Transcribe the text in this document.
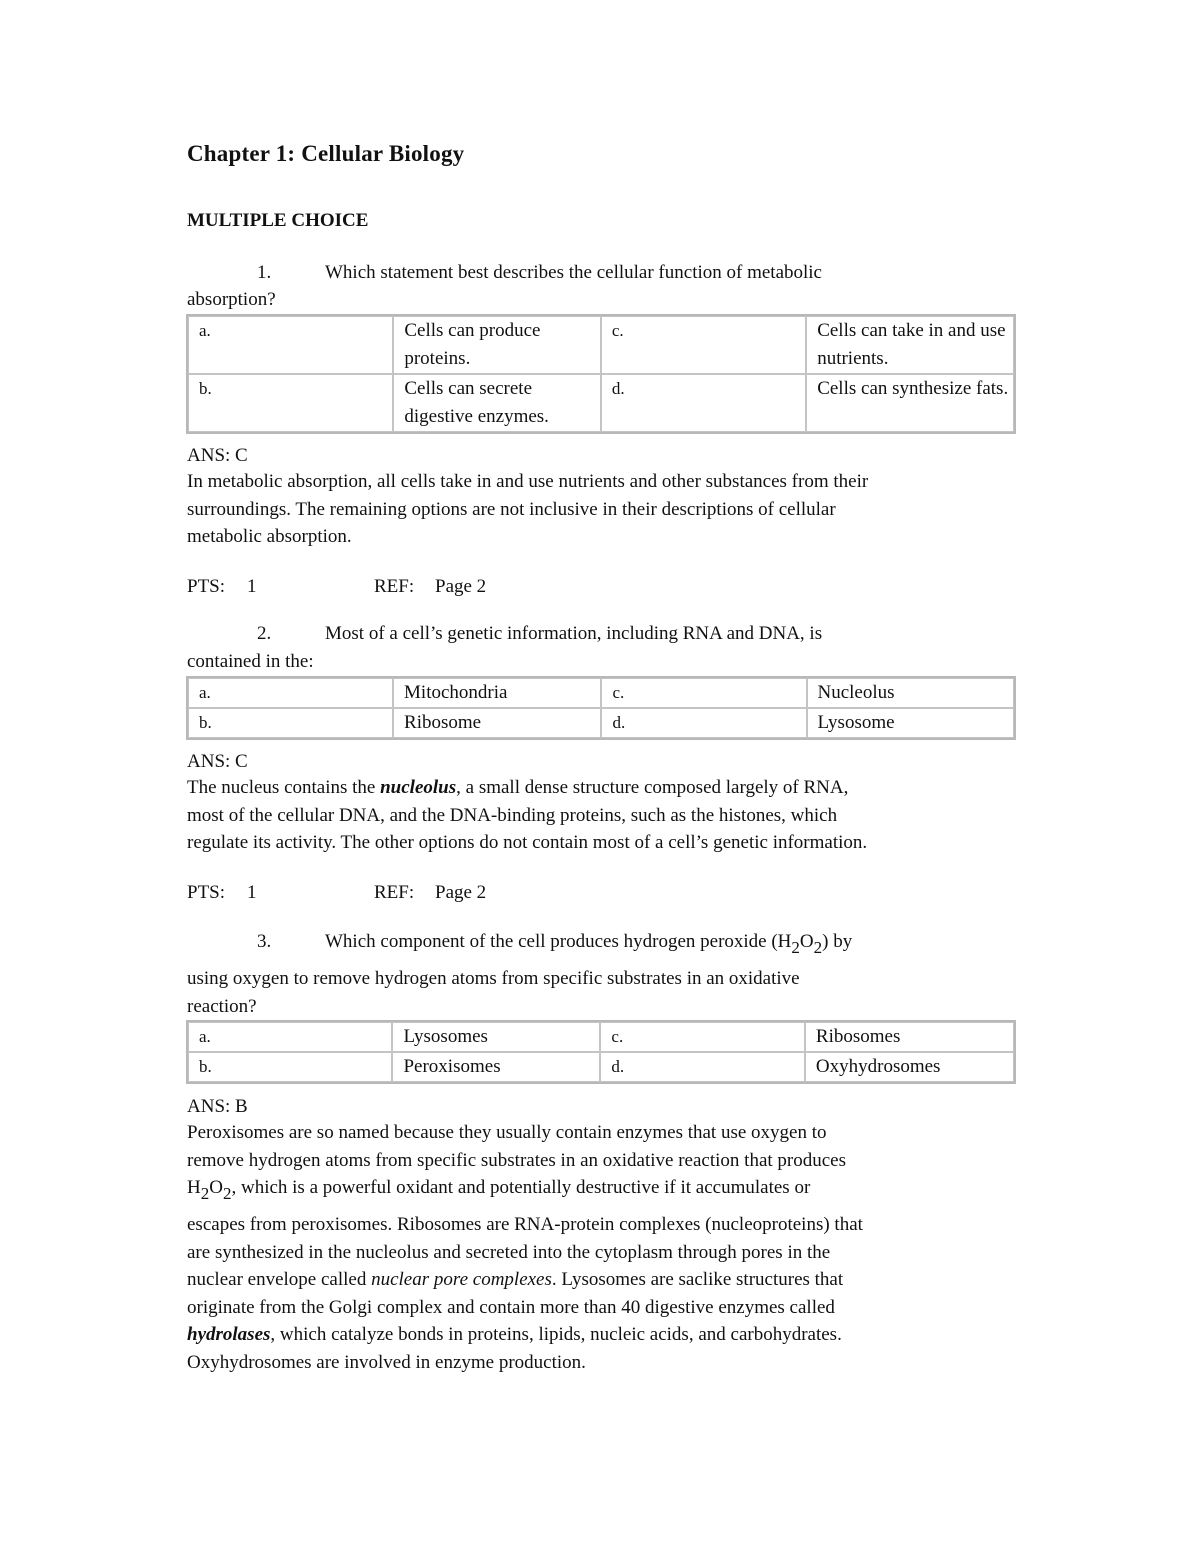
Chapter 1: Cellular Biology
MULTIPLE CHOICE
1.	Which statement best describes the cellular function of metabolic
absorption?
a.	Cells can produce proteins.	c.	Cells can take in and use nutrients.
b.	Cells can secrete digestive enzymes.	d.	Cells can synthesize fats.
ANS: C
In metabolic absorption, all cells take in and use nutrients and other substances from their
surroundings. The remaining options are not inclusive in their descriptions of cellular
metabolic absorption.
PTS: 1	REF: Page 2
2.	Most of a cell’s genetic information, including RNA and DNA, is
contained in the:
a.	Mitochondria	c.	Nucleolus
b.	Ribosome	d.	Lysosome
ANS: C
The nucleus contains the nucleolus, a small dense structure composed largely of RNA,
most of the cellular DNA, and the DNA-binding proteins, such as the histones, which
regulate its activity. The other options do not contain most of a cell’s genetic information.
PTS: 1	REF: Page 2
3.	Which component of the cell produces hydrogen peroxide $(H_2O_2)$ by
using oxygen to remove hydrogen atoms from specific substrates in an oxidative
reaction?
a.	Lysosomes	c.	Ribosomes
b.	Peroxisomes	d.	Oxyhydrosomes
ANS: B
Peroxisomes are so named because they usually contain enzymes that use oxygen to
remove hydrogen atoms from specific substrates in an oxidative reaction that produces
$H_2O_2$, which is a powerful oxidant and potentially destructive if it accumulates or
escapes from peroxisomes. Ribosomes are RNA-protein complexes (nucleoproteins) that
are synthesized in the nucleolus and secreted into the cytoplasm through pores in the
nuclear envelope called nuclear pore complexes. Lysosomes are saclike structures that
originate from the Golgi complex and contain more than 40 digestive enzymes called
hydrolases, which catalyze bonds in proteins, lipids, nucleic acids, and carbohydrates.
Oxyhydrosomes are involved in enzyme production.
